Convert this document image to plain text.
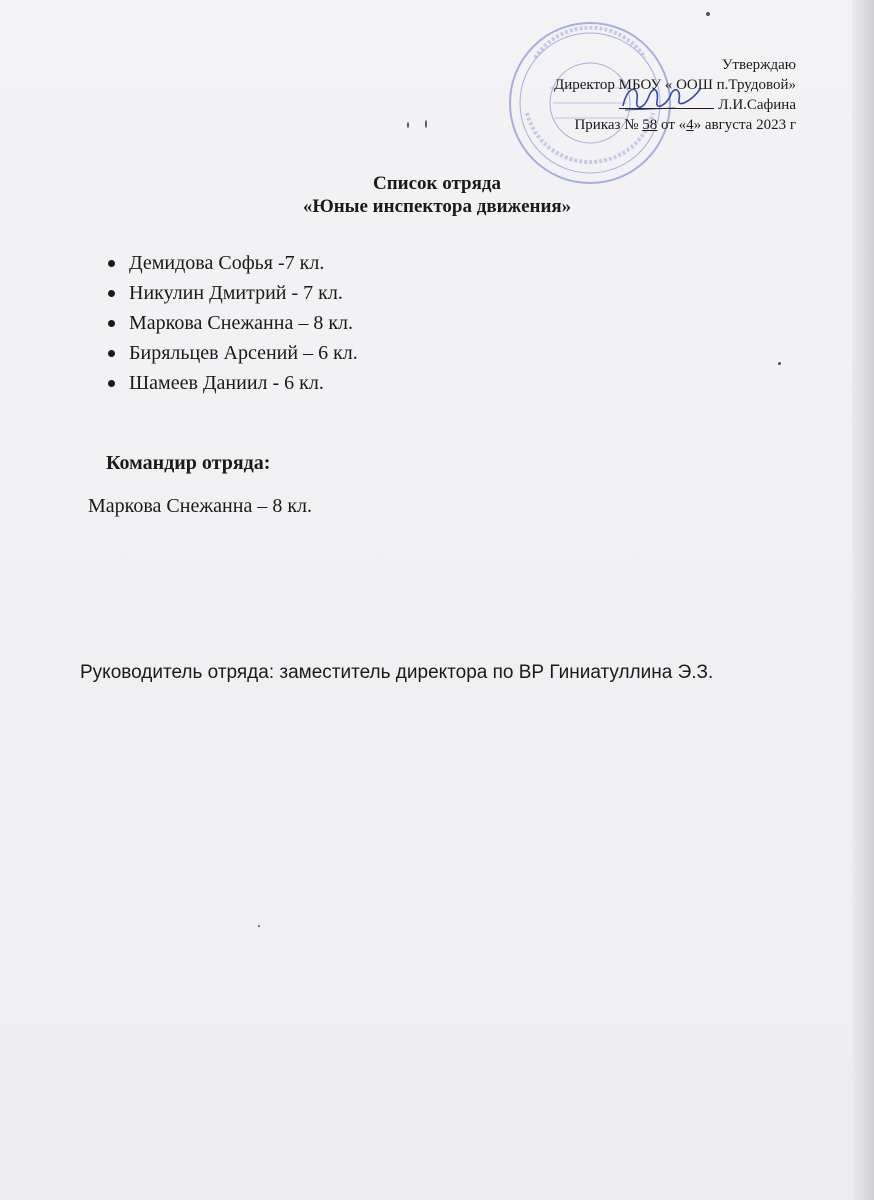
Утверждаю
Директор МБОУ « ООШ п.Трудовой»
Л.И.Сафина
Приказ № 58 от «4» августа 2023 г
Список отряда
«Юные инспектора движения»
Демидова Софья -7 кл.
Никулин Дмитрий - 7 кл.
Маркова Снежанна – 8 кл.
Биряльцев Арсений – 6 кл.
Шамеев Даниил - 6 кл.
Командир отряда:
Маркова Снежанна – 8 кл.
Руководитель отряда: заместитель директора по ВР Гиниатуллина Э.З.
